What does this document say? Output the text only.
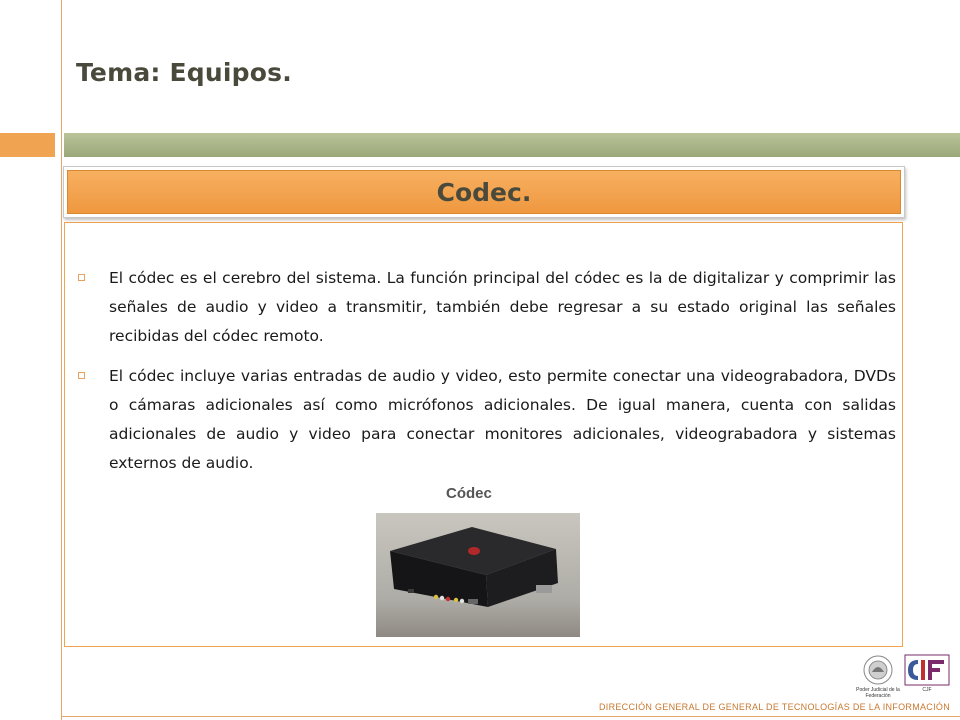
Tema: Equipos.
Codec.
El códec es el cerebro del sistema. La función principal del códec es la de digitalizar y comprimir las señales de audio y video a transmitir, también debe regresar a su estado original las señales recibidas del códec remoto.
El códec incluye varias entradas de audio y video, esto permite conectar una videograbadora, DVDs o cámaras adicionales así como micrófonos adicionales. De igual manera, cuenta con salidas adicionales de audio y video para conectar monitores adicionales, videograbadora y sistemas externos de audio.
Códec
Poder Judicial de la Federación
CJF
DIRECCIÓN GENERAL DE GENERAL DE TECNOLOGÍAS DE LA INFORMACIÓN
